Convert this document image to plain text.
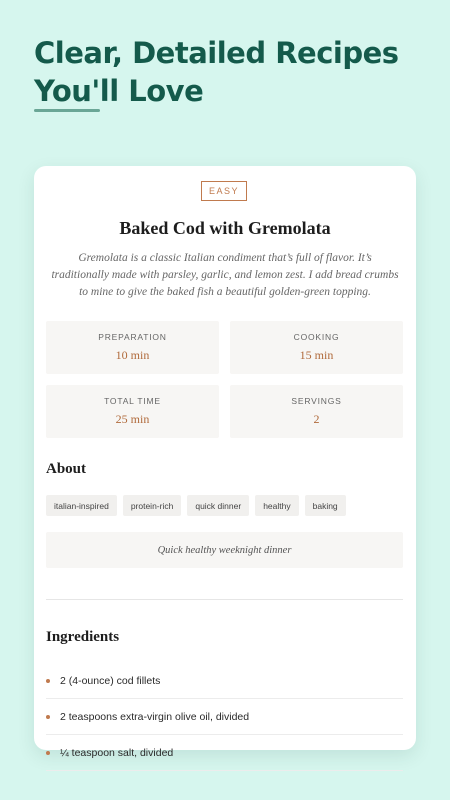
Clear, Detailed Recipes
You'll Love
EASY
Baked Cod with Gremolata
Gremolata is a classic Italian condiment that’s full of flavor. It’s traditionally made with parsley, garlic, and lemon zest. I add bread crumbs to mine to give the baked fish a beautiful golden-green topping.
PREPARATION
10 min
COOKING
15 min
TOTAL TIME
25 min
SERVINGS
2
About
italian-inspired	protein-rich	quick dinner	healthy	baking
Quick healthy weeknight dinner
Ingredients
2 (4-ounce) cod fillets
2 teaspoons extra-virgin olive oil, divided
¼ teaspoon salt, divided
